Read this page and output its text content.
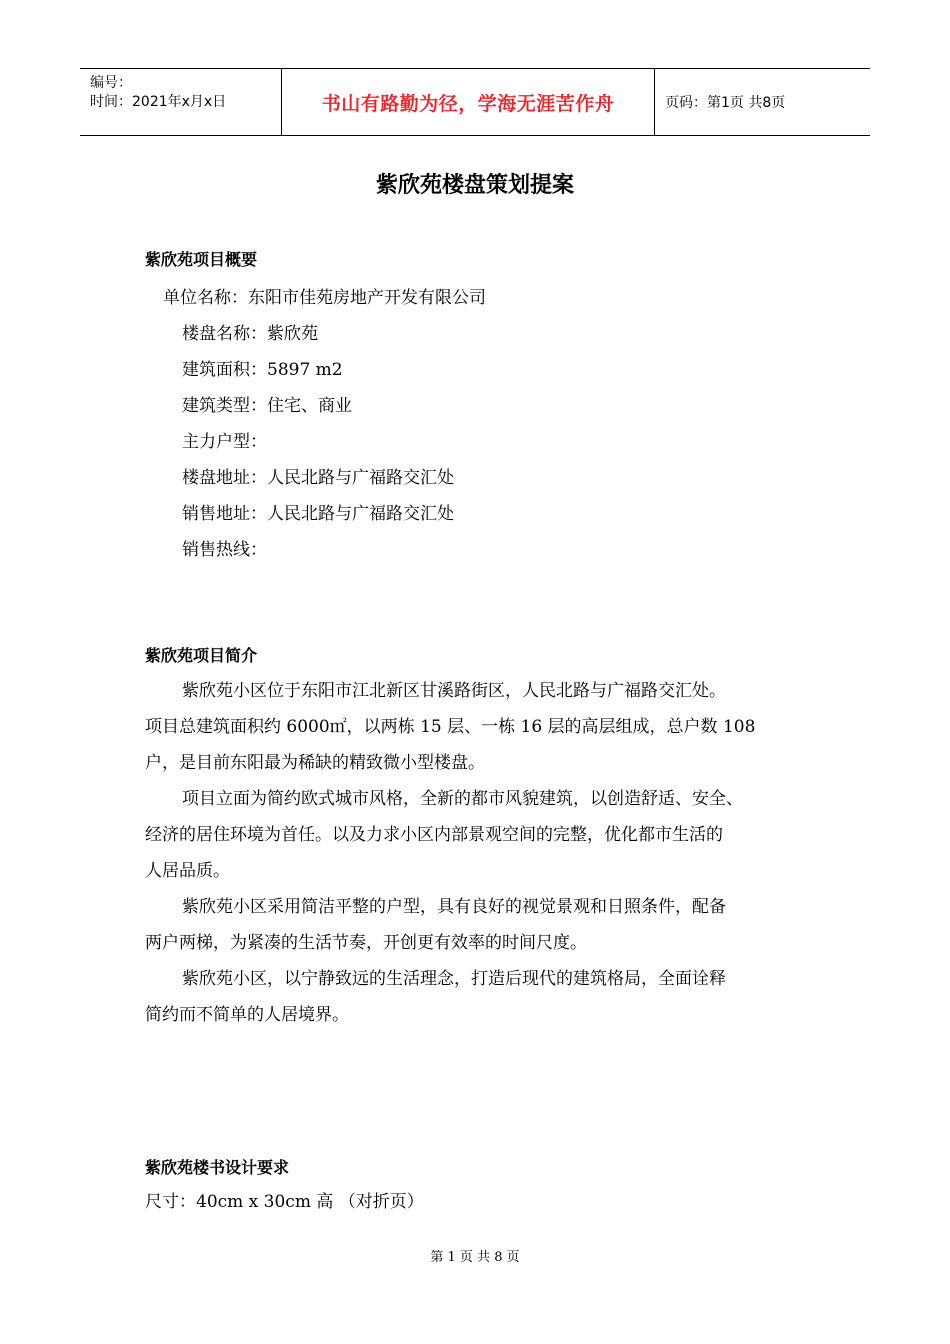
编号：
时间：2021年x月x日	书山有路勤为径，学海无涯苦作舟	页码：第1页 共8页
紫欣苑楼盘策划提案
紫欣苑项目概要
单位名称：东阳市佳苑房地产开发有限公司
楼盘名称：紫欣苑
建筑面积：5897 m2
建筑类型：住宅、商业
主力户型：
楼盘地址：人民北路与广福路交汇处
销售地址：人民北路与广福路交汇处
销售热线：
紫欣苑项目简介
紫欣苑小区位于东阳市江北新区甘溪路街区，人民北路与广福路交汇处。
项目总建筑面积约 6000㎡，以两栋 15 层、一栋 16 层的高层组成，总户数 108
户，是目前东阳最为稀缺的精致微小型楼盘。
项目立面为简约欧式城市风格，全新的都市风貌建筑，以创造舒适、安全、
经济的居住环境为首任。以及力求小区内部景观空间的完整，优化都市生活的
人居品质。
紫欣苑小区采用简洁平整的户型，具有良好的视觉景观和日照条件，配备
两户两梯，为紧凑的生活节奏，开创更有效率的时间尺度。
紫欣苑小区，以宁静致远的生活理念，打造后现代的建筑格局，全面诠释
简约而不简单的人居境界。
紫欣苑楼书设计要求
尺寸：40cm x 30cm 高 （对折页）
第 1 页 共 8 页
